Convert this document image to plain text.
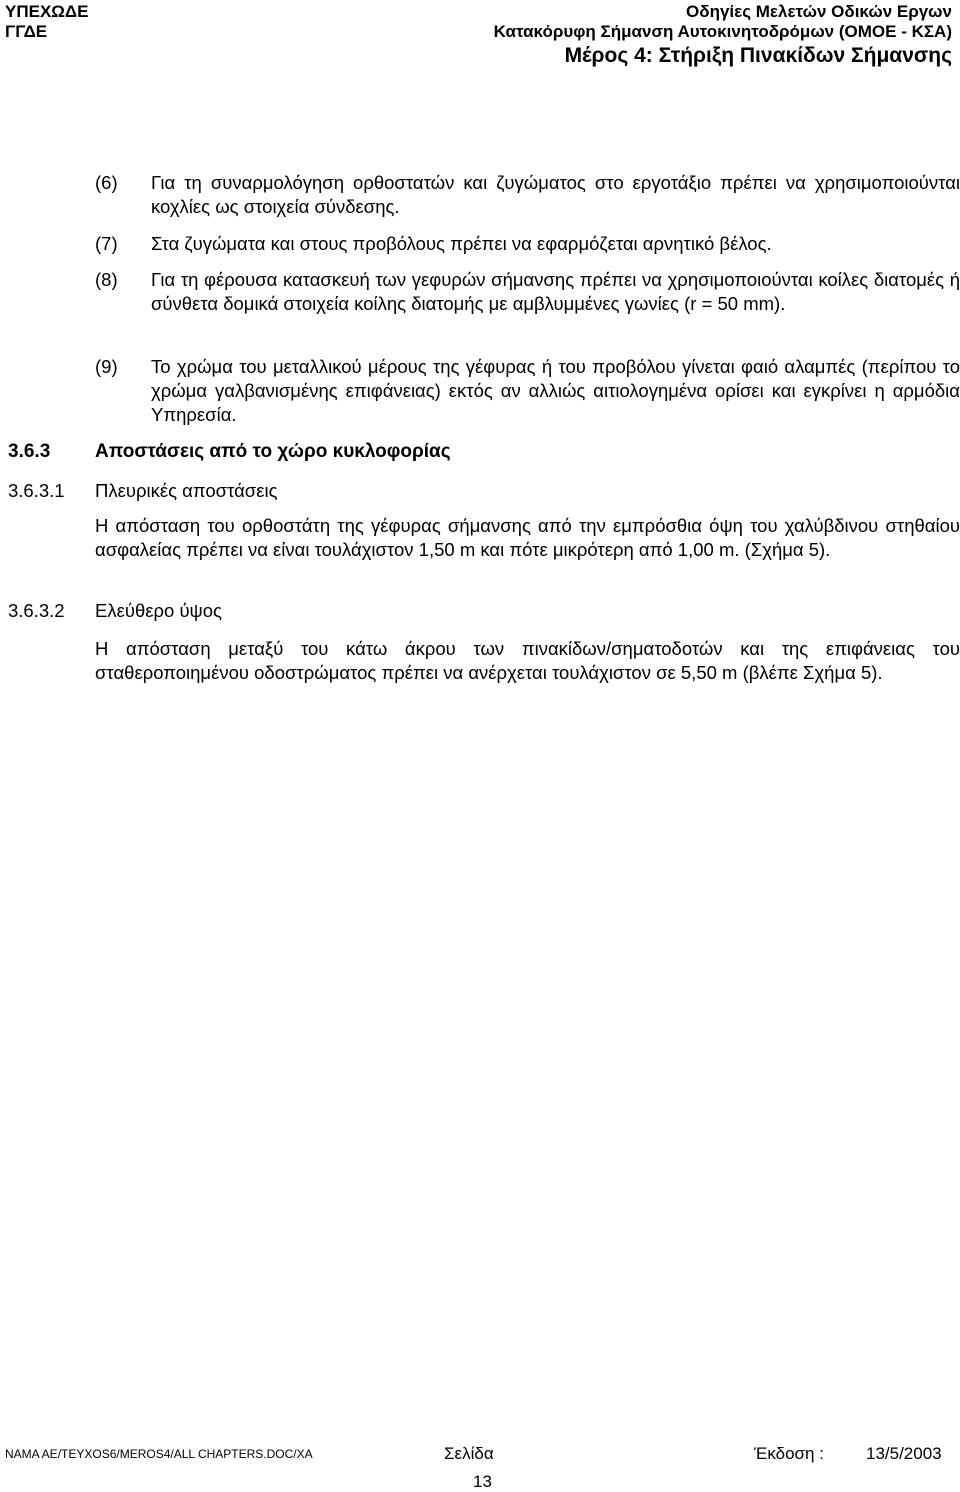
ΥΠΕΧΩΔΕ
ΓΓΔΕ
Οδηγίες Μελετών Οδικών Εργων
Κατακόρυφη Σήμανση Αυτοκινητοδρόμων (ΟΜΟΕ - ΚΣΑ)
Μέρος 4: Στήριξη Πινακίδων Σήμανσης
(6) Για τη συναρμολόγηση ορθοστατών και ζυγώματος στο εργοτάξιο πρέπει να χρησιμοποιούνται κοχλίες ως στοιχεία σύνδεσης.
(7) Στα ζυγώματα και στους προβόλους πρέπει να εφαρμόζεται αρνητικό βέλος.
(8) Για τη φέρουσα κατασκευή των γεφυρών σήμανσης πρέπει να χρησιμοποιούνται κοίλες διατομές ή σύνθετα δομικά στοιχεία κοίλης διατομής με αμβλυμμένες γωνίες (r = 50 mm).
(9) Το χρώμα του μεταλλικού μέρους της γέφυρας ή του προβόλου γίνεται φαιό αλαμπές (περίπου το χρώμα γαλβανισμένης επιφάνειας) εκτός αν αλλιώς αιτιολογημένα ορίσει και εγκρίνει η αρμόδια Υπηρεσία.
3.6.3 Αποστάσεις από το χώρο κυκλοφορίας
3.6.3.1 Πλευρικές αποστάσεις
Η απόσταση του ορθοστάτη της γέφυρας σήμανσης από την εμπρόσθια όψη του χαλύβδινου στηθαίου ασφαλείας πρέπει να είναι τουλάχιστον 1,50 m και πότε μικρότερη από 1,00 m. (Σχήμα 5).
3.6.3.2 Ελεύθερο ύψος
Η απόσταση μεταξύ του κάτω άκρου των πινακίδων/σηματοδοτών και της επιφάνειας του σταθεροποιημένου οδοστρώματος πρέπει να ανέρχεται τουλάχιστον σε 5,50 m (βλέπε Σχήμα 5).
NAMA AE/TEYXOS6/MEROS4/ALL CHAPTERS.DOC/XA	Σελίδα
13
Έκδοση : 13/5/2003
